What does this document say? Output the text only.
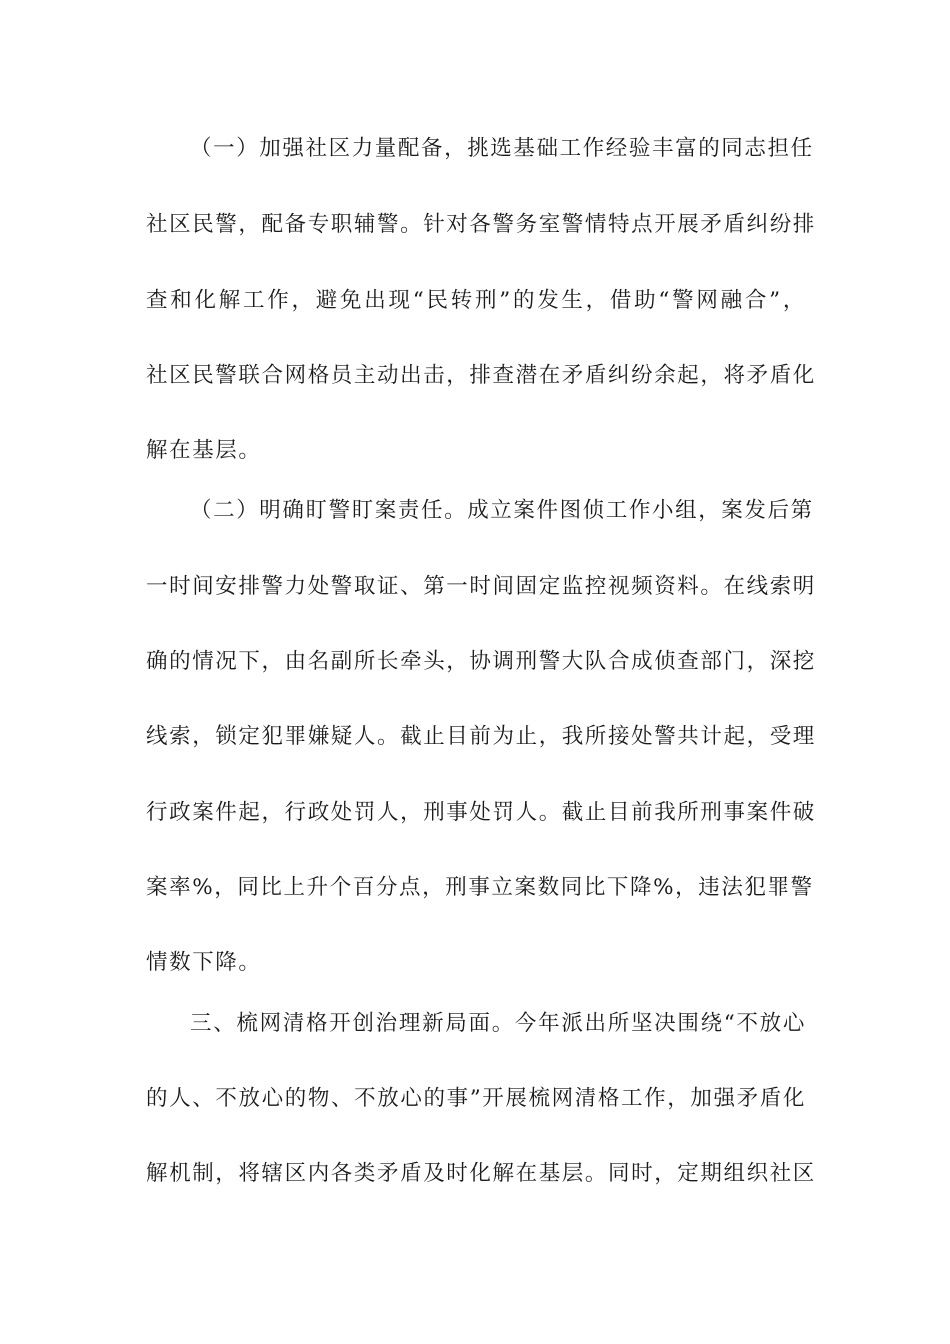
（一）加强社区力量配备，挑选基础工作经验丰富的同志担任
社区民警，配备专职辅警。针对各警务室警情特点开展矛盾纠纷排
查和化解工作，避免出现“民转刑”的发生，借助“警网融合”，
社区民警联合网格员主动出击，排查潜在矛盾纠纷余起，将矛盾化
解在基层。
（二）明确盯警盯案责任。成立案件图侦工作小组，案发后第
一时间安排警力处警取证、第一时间固定监控视频资料。在线索明
确的情况下，由名副所长牵头，协调刑警大队合成侦查部门，深挖
线索，锁定犯罪嫌疑人。截止目前为止，我所接处警共计起，受理
行政案件起，行政处罚人，刑事处罚人。截止目前我所刑事案件破
案率%，同比上升个百分点，刑事立案数同比下降%，违法犯罪警
情数下降。
三、梳网清格开创治理新局面。今年派出所坚决围绕“不放心
的人、不放心的物、不放心的事”开展梳网清格工作，加强矛盾化
解机制，将辖区内各类矛盾及时化解在基层。同时，定期组织社区
